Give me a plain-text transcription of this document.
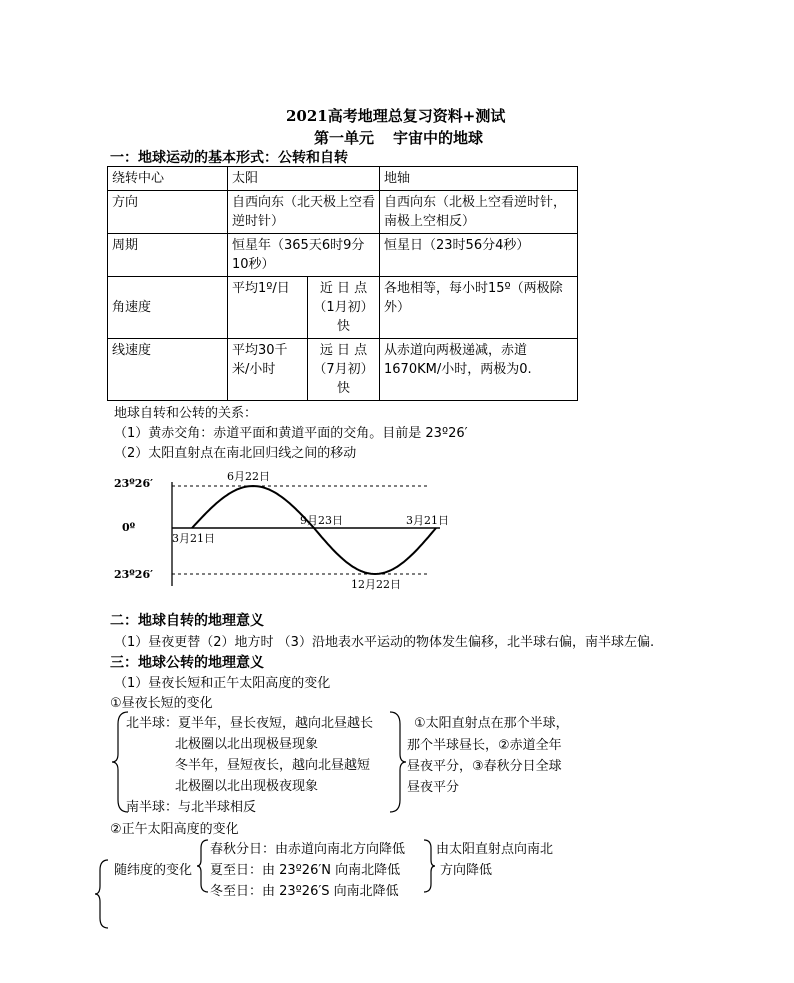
2021高考地理总复习资料+测试
第一单元 宇宙中的地球
一：地球运动的基本形式：公转和自转
绕转中心	太阳		地轴
方向	自西向东（北天极上空看逆时针）		自西向东（北极上空看逆时针，南极上空相反）
周期	恒星年（365天6时9分10秒）		恒星日（23时56分4秒）
角速度	平均1º/日	近 日 点（1月初）快	各地相等，每小时15º（两极除外）
线速度	平均30千米/小时	远 日 点（7月初）快	从赤道向两极递减，赤道1670KM/小时，两极为0.
地球自转和公转的关系：
（1）黄赤交角：赤道平面和黄道平面的交角。目前是 23º26′
（2）太阳直射点在南北回归线之间的移动
23º26′
0º
23º26′
3月21日
6月22日
9月23日
12月22日
3月21日
二：地球自转的地理意义
（1）昼夜更替（2）地方时 （3）沿地表水平运动的物体发生偏移，北半球右偏，南半球左偏.
三：地球公转的地理意义
（1）昼夜长短和正午太阳高度的变化
①昼夜长短的变化
北半球：夏半年，昼长夜短，越向北昼越长
北极圈以北出现极昼现象
冬半年，昼短夜长，越向北昼越短
北极圈以北出现极夜现象
南半球：与北半球相反
①太阳直射点在那个半球，
那个半球昼长，②赤道全年
昼夜平分，③春秋分日全球
昼夜平分
②正午太阳高度的变化
随纬度的变化
春秋分日：由赤道向南北方向降低
夏至日：由 23º26′N 向南北降低
冬至日：由 23º26′S 向南北降低
由太阳直射点向南北
方向降低
